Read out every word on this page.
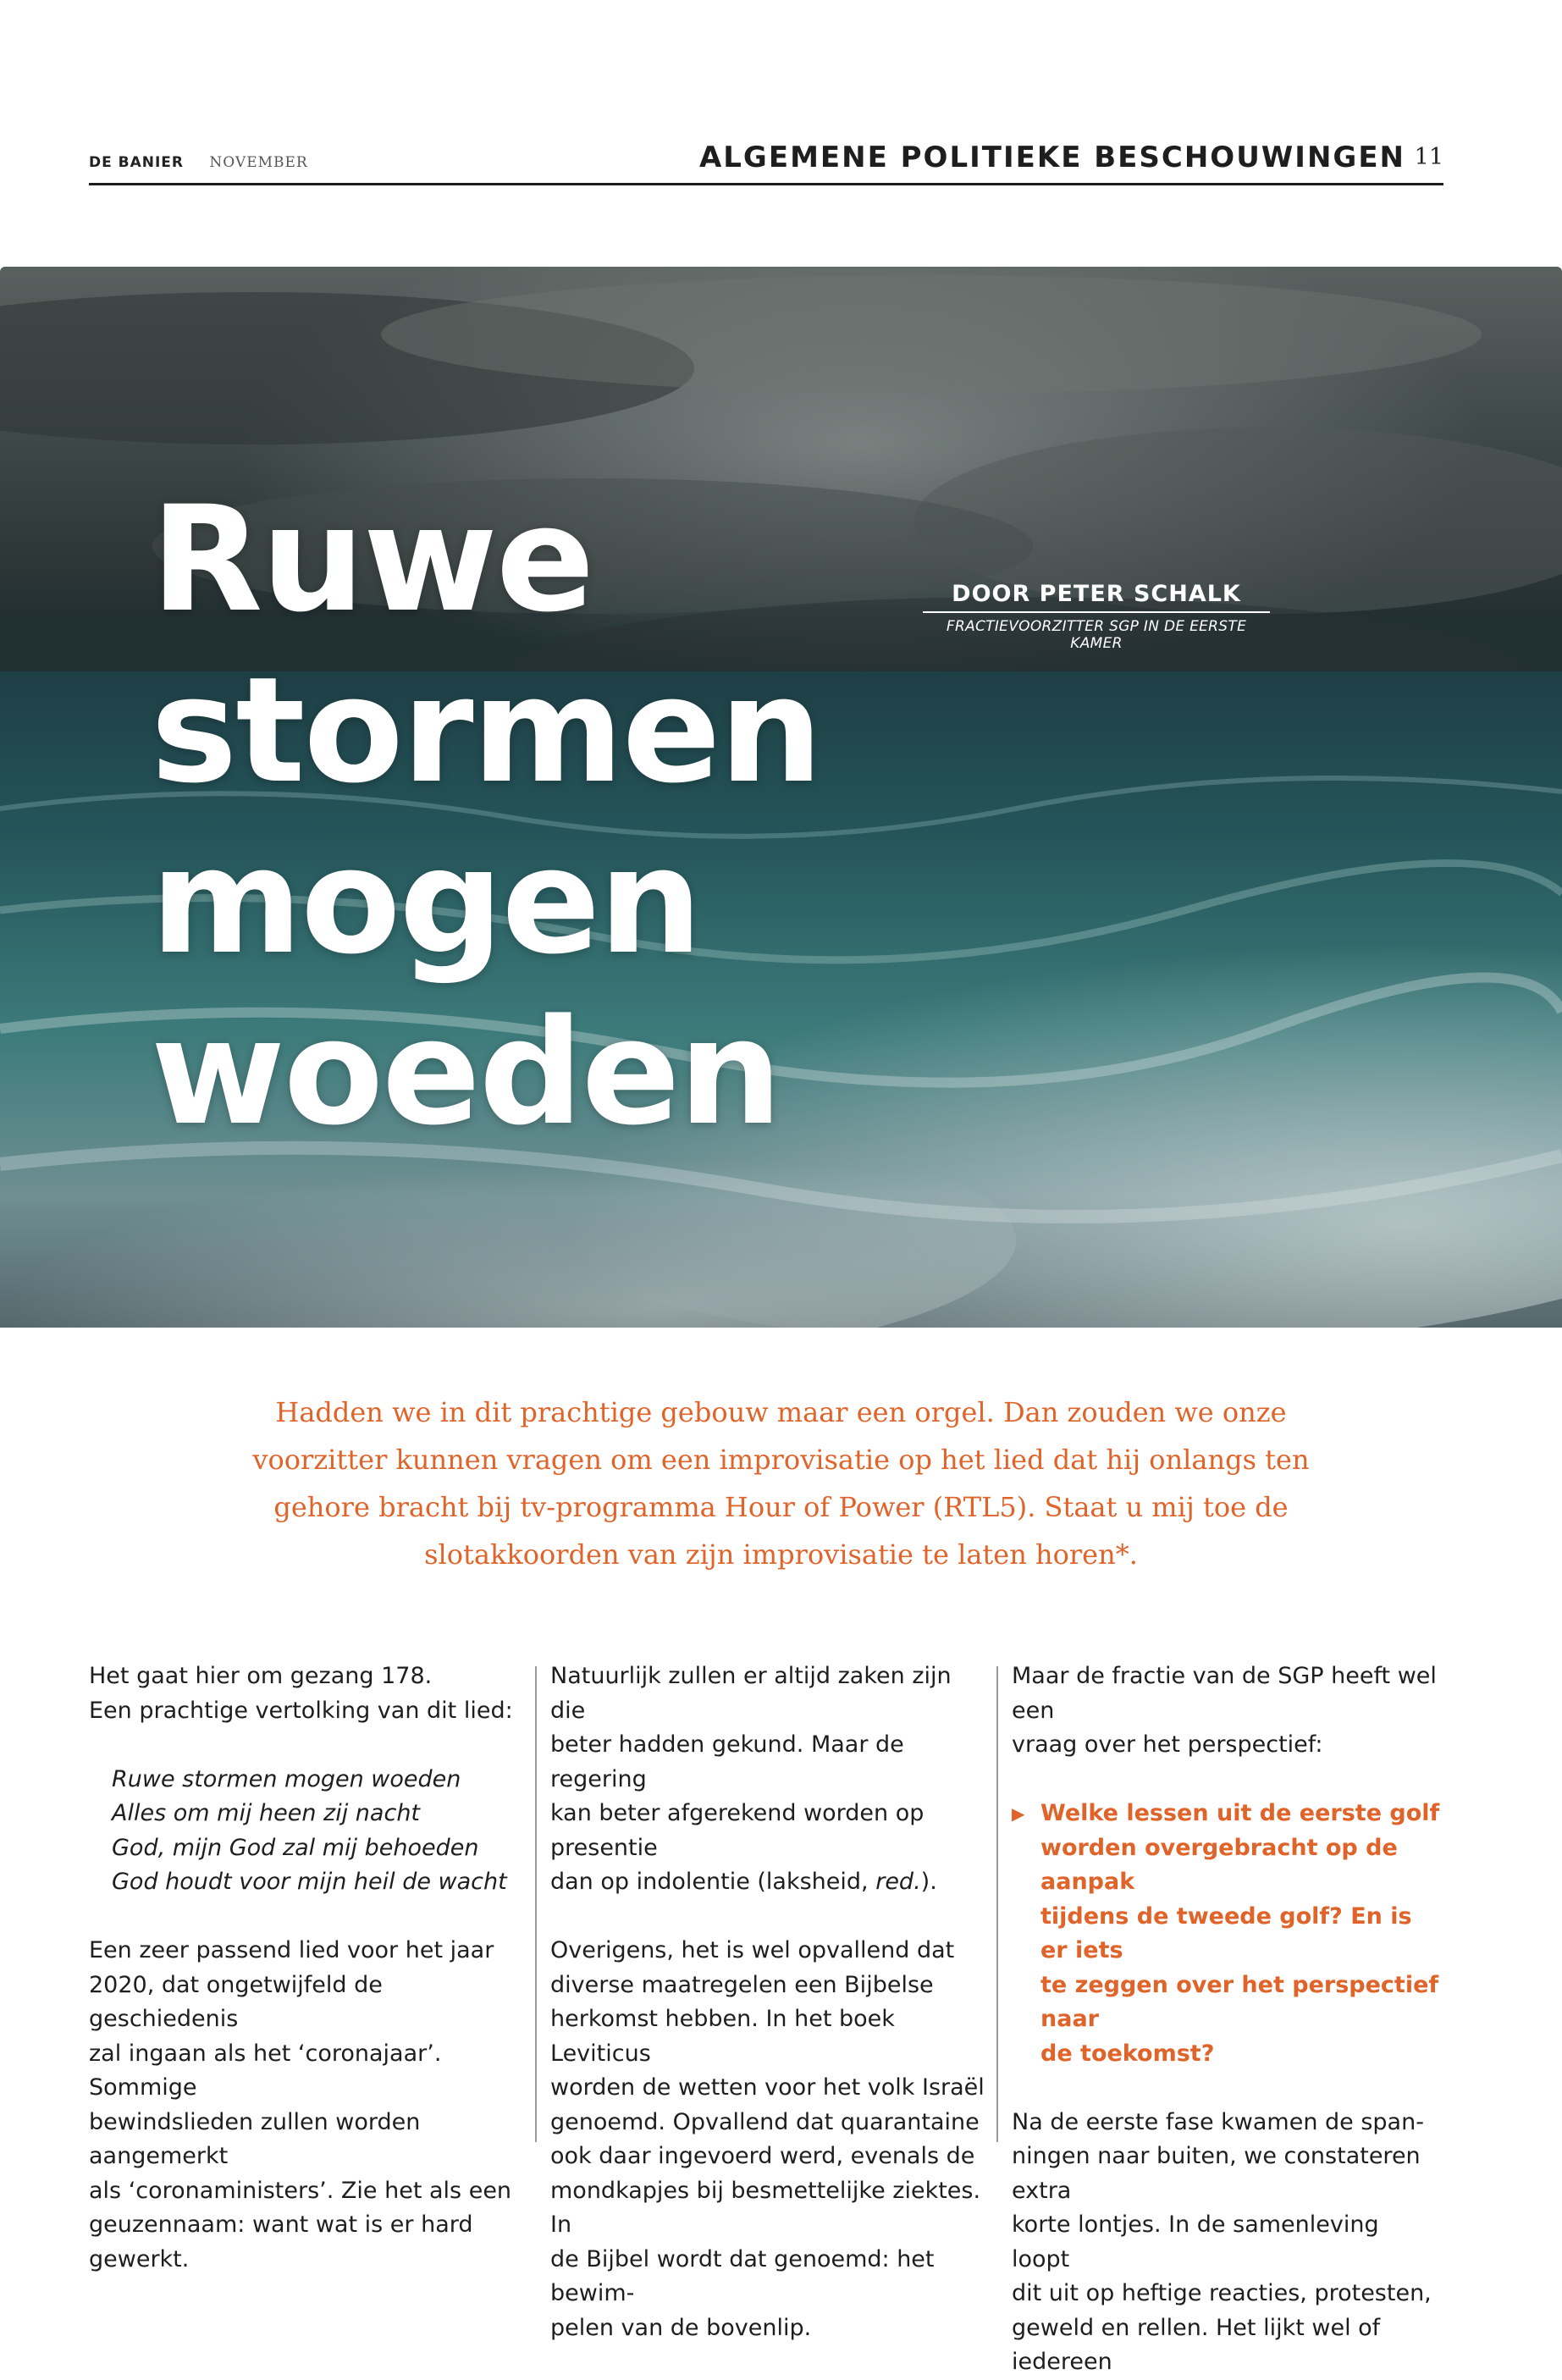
DE BANIER NOVEMBER	ALGEMENE POLITIEKE BESCHOUWINGEN 11
Ruwe
stormen
mogen
woeden
DOOR PETER SCHALK
FRACTIEVOORZITTER SGP IN DE EERSTE KAMER

Hadden we in dit prachtige gebouw maar een orgel. Dan zouden we onze voorzitter kunnen vragen om een improvisatie op het lied dat hij onlangs ten gehore bracht bij tv-programma Hour of Power (RTL5). Staat u mij toe de slotakkoorden van zijn improvisatie te laten horen*.

Het gaat hier om gezang 178.
Een prachtige vertolking van dit lied:
Ruwe stormen mogen woeden
Alles om mij heen zij nacht
God, mijn God zal mij behoeden
God houdt voor mijn heil de wacht
Een zeer passend lied voor het jaar
2020, dat ongetwijfeld de geschiedenis
zal ingaan als het ‘coronajaar’. Sommige
bewindslieden zullen worden aangemerkt
als ‘coronaministers’. Zie het als een
geuzennaam: want wat is er hard gewerkt.
Natuurlijk zullen er altijd zaken zijn die
beter hadden gekund. Maar de regering
kan beter afgerekend worden op presentie
dan op indolentie (laksheid, red.).
Overigens, het is wel opvallend dat
diverse maatregelen een Bijbelse
herkomst hebben. In het boek Leviticus
worden de wetten voor het volk Israël
genoemd. Opvallend dat quarantaine
ook daar ingevoerd werd, evenals de
mondkapjes bij besmettelijke ziektes. In
de Bijbel wordt dat genoemd: het bewim-
pelen van de bovenlip.
Maar de fractie van de SGP heeft wel een
vraag over het perspectief:
▶ Welke lessen uit de eerste golf
worden overgebracht op de aanpak
tijdens de tweede golf? En is er iets
te zeggen over het perspectief naar
de toekomst?
Na de eerste fase kwamen de span-
ningen naar buiten, we constateren extra
korte lontjes. In de samenleving loopt
dit uit op heftige reacties, protesten,
geweld en rellen. Het lijkt wel of iedereen
